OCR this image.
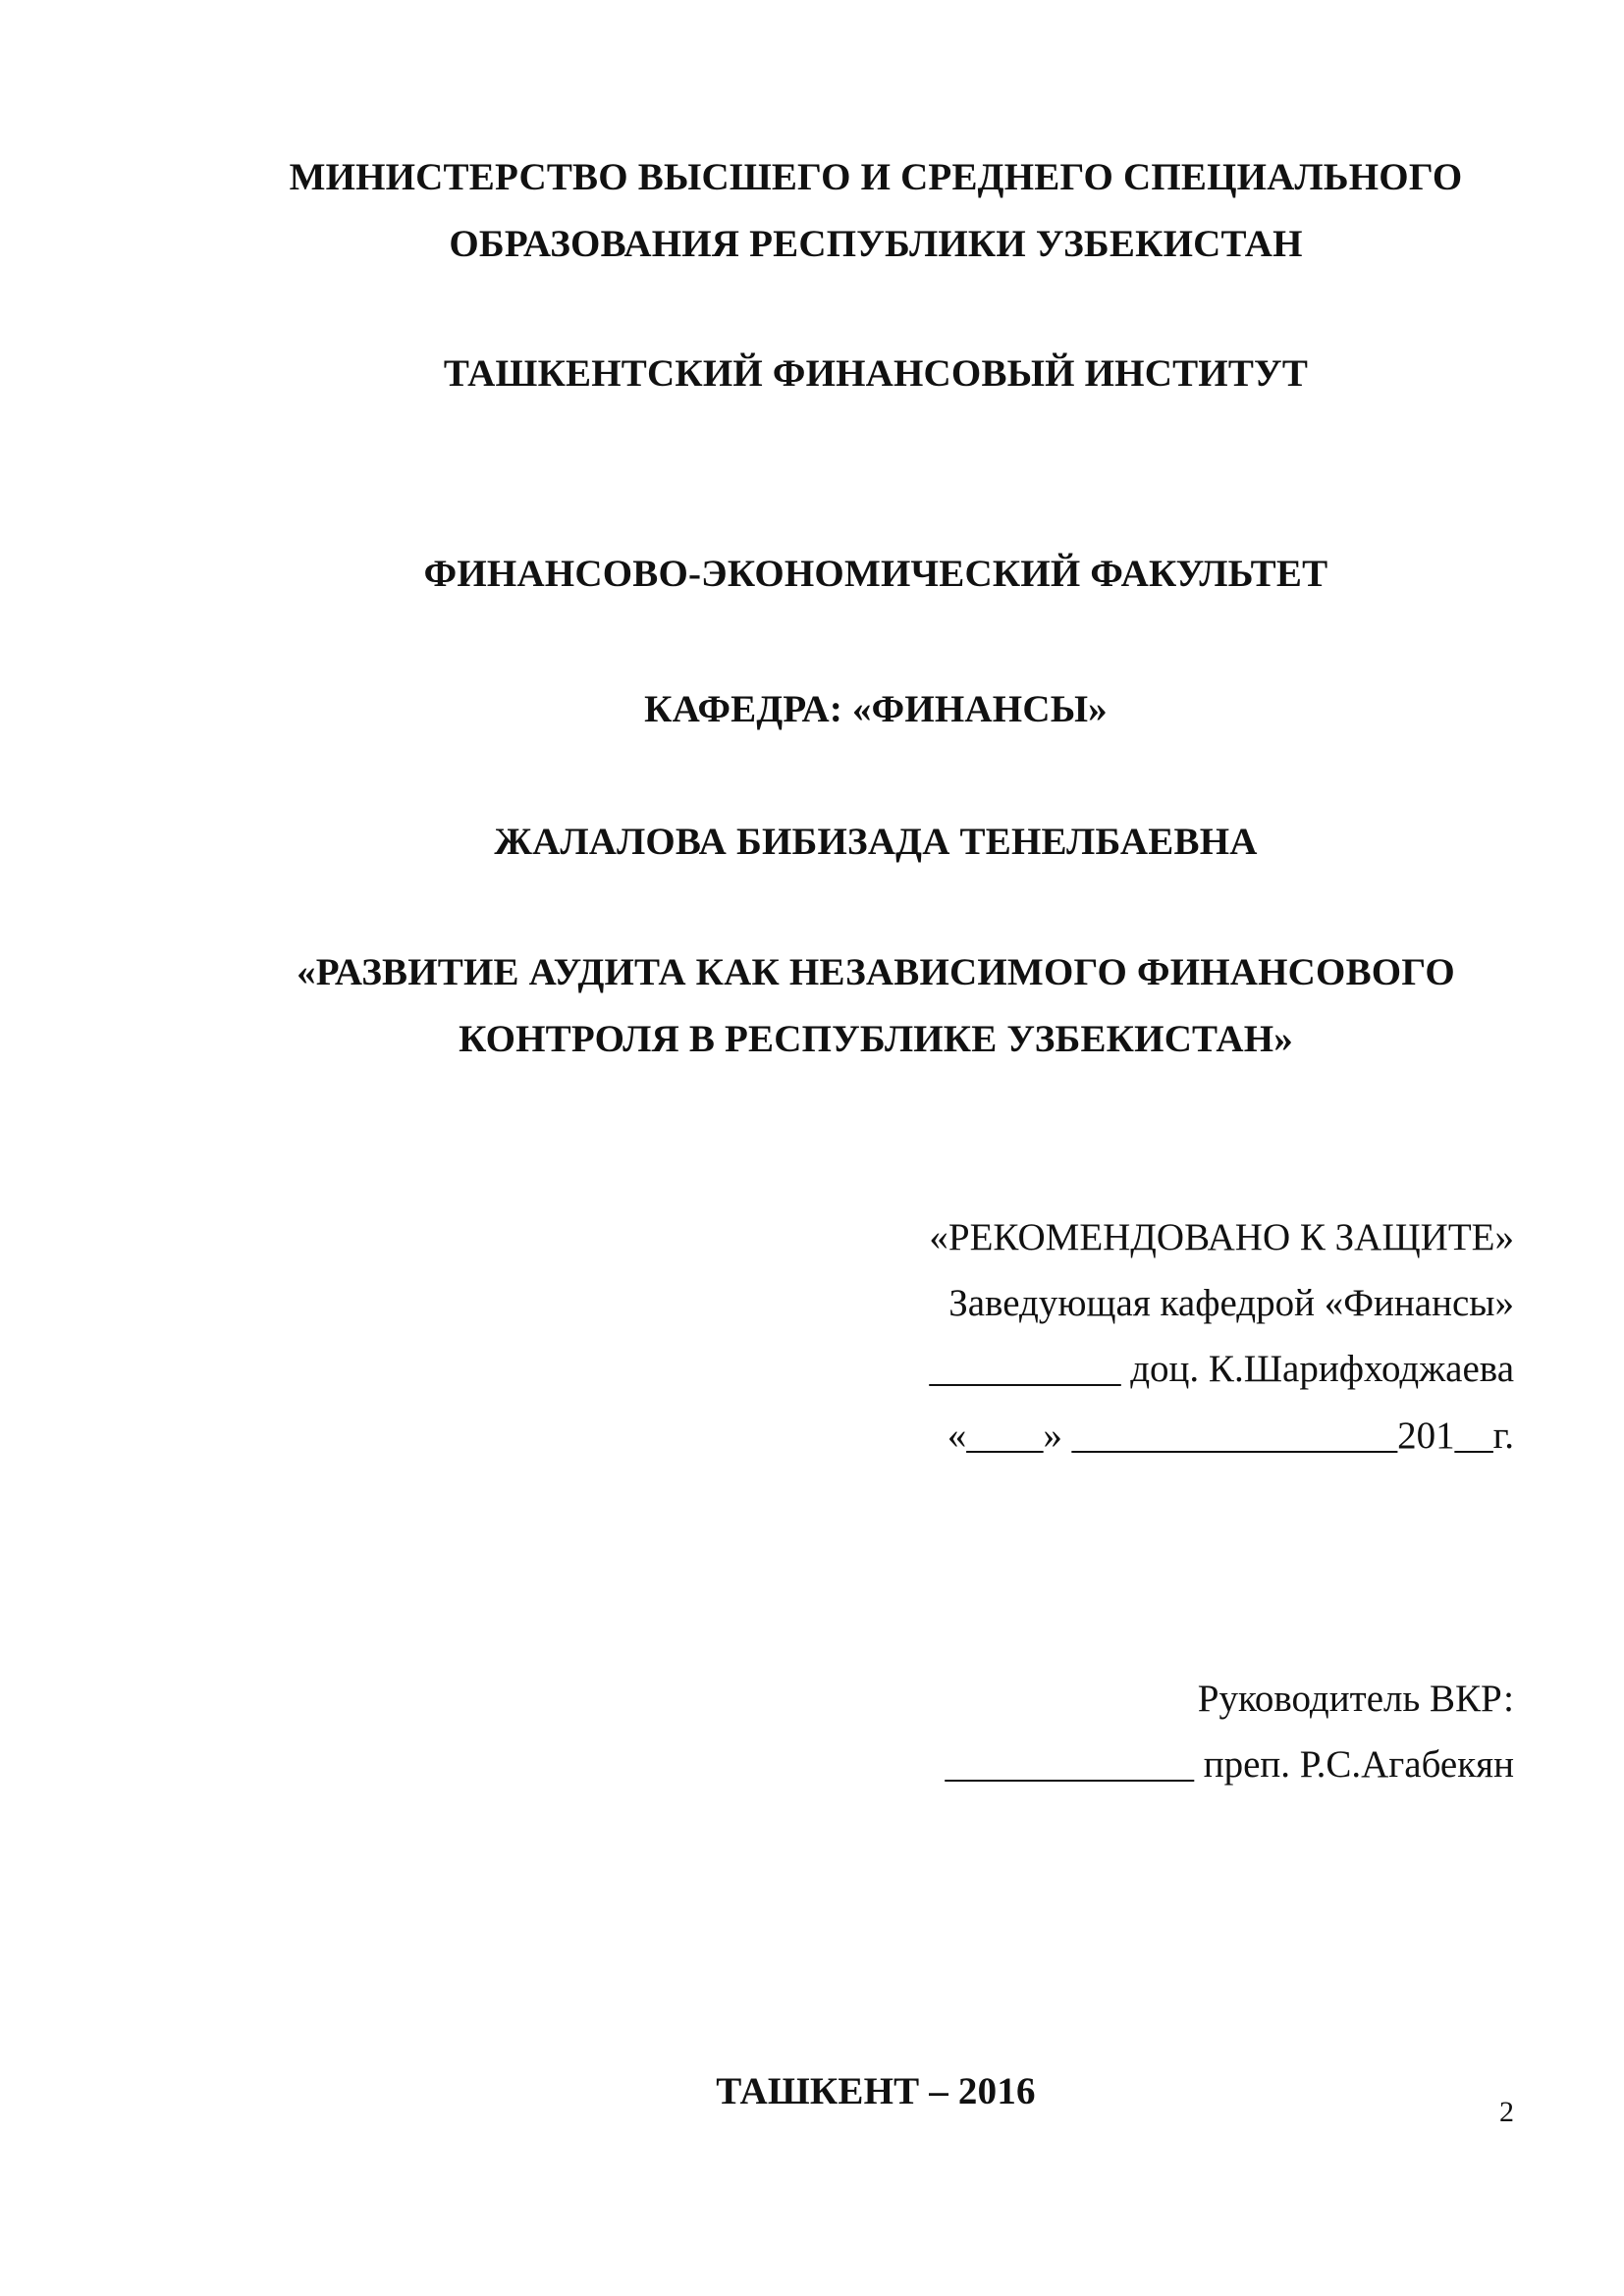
МИНИСТЕРСТВО ВЫСШЕГО И СРЕДНЕГО СПЕЦИАЛЬНОГО
ОБРАЗОВАНИЯ РЕСПУБЛИКИ УЗБЕКИСТАН
ТАШКЕНТСКИЙ ФИНАНСОВЫЙ ИНСТИТУТ
ФИНАНСОВО-ЭКОНОМИЧЕСКИЙ ФАКУЛЬТЕТ
КАФЕДРА: «ФИНАНСЫ»
ЖАЛАЛОВА БИБИЗАДА ТЕНЕЛБАЕВНА
«РАЗВИТИЕ АУДИТА КАК НЕЗАВИСИМОГО ФИНАНСОВОГО
КОНТРОЛЯ В РЕСПУБЛИКЕ УЗБЕКИСТАН»
«РЕКОМЕНДОВАНО К ЗАЩИТЕ»
Заведующая кафедрой «Финансы»
__________ доц. К.Шарифходжаева
«____» _________________201__г.
Руководитель ВКР:
_____________ преп. Р.С.Агабекян
ТАШКЕНТ – 2016	2
